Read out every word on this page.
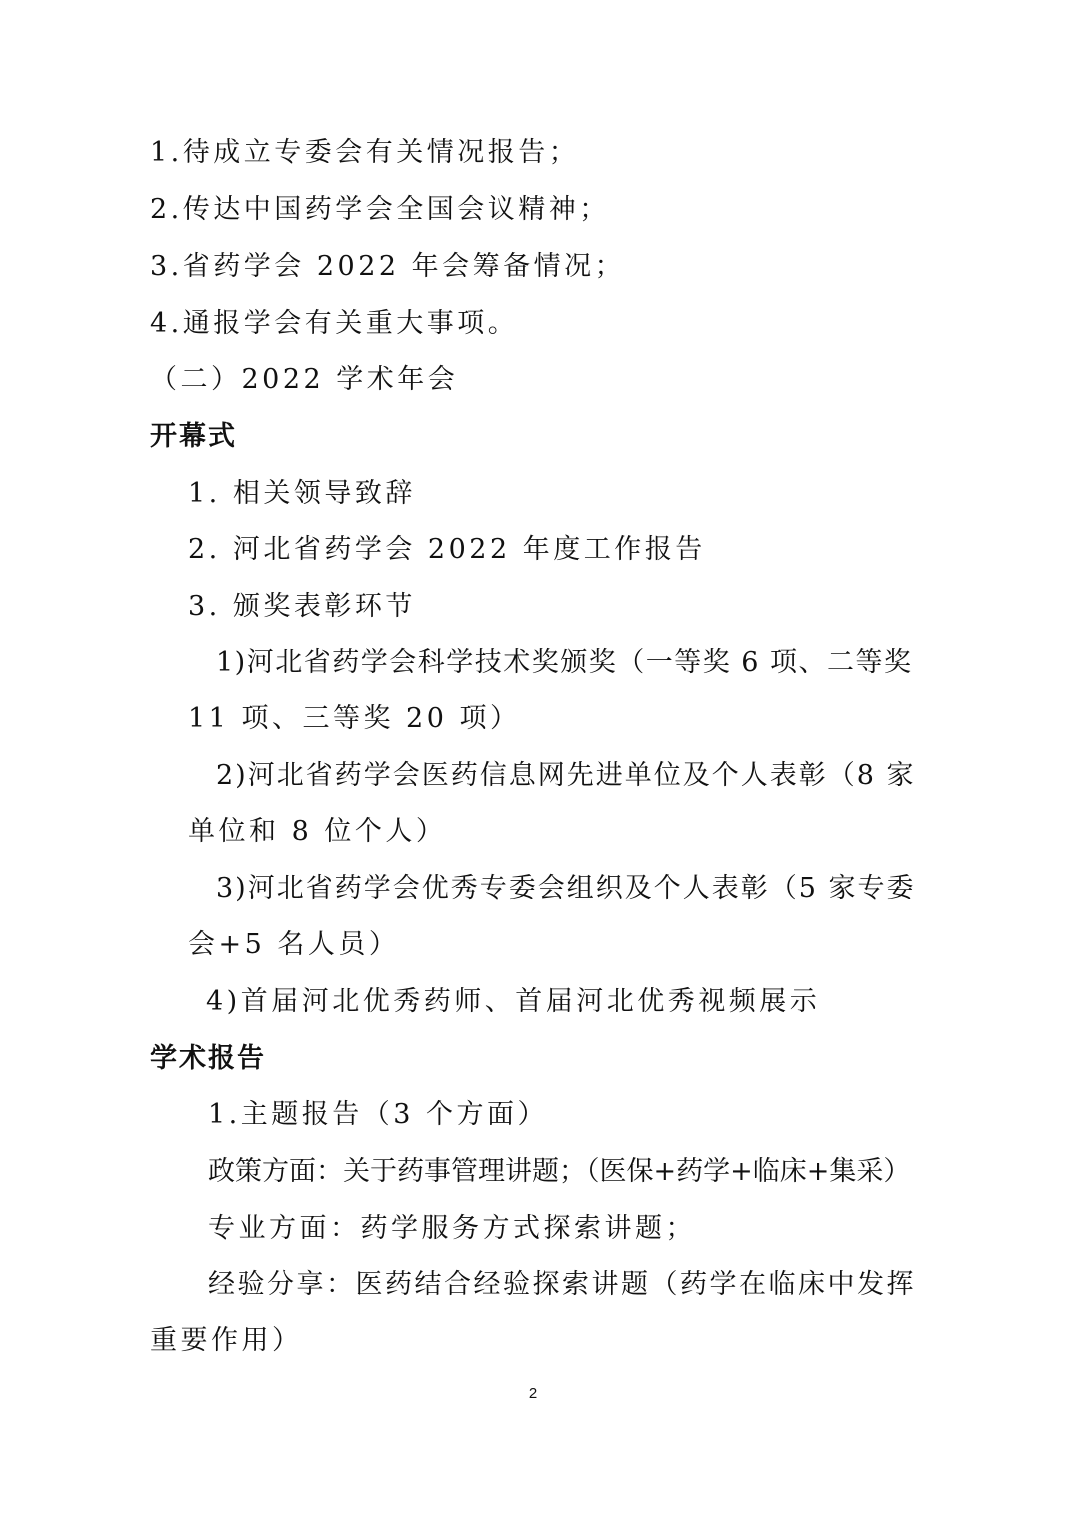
1.待成立专委会有关情况报告；
2.传达中国药学会全国会议精神；
3.省药学会 2022 年会筹备情况；
4.通报学会有关重大事项。
（二）2022 学术年会
开幕式
1. 相关领导致辞
2. 河北省药学会 2022 年度工作报告
3. 颁奖表彰环节
1)河北省药学会科学技术奖颁奖（一等奖 6 项、二等奖
11 项、三等奖 20 项）
2)河北省药学会医药信息网先进单位及个人表彰（8 家
单位和 8 位个人）
3)河北省药学会优秀专委会组织及个人表彰（5 家专委
会+5 名人员）
4)首届河北优秀药师、首届河北优秀视频展示
学术报告
1.主题报告（3 个方面）
政策方面：关于药事管理讲题；（医保+药学+临床+集采）
专业方面：药学服务方式探索讲题；
经验分享：医药结合经验探索讲题（药学在临床中发挥
重要作用）
2
